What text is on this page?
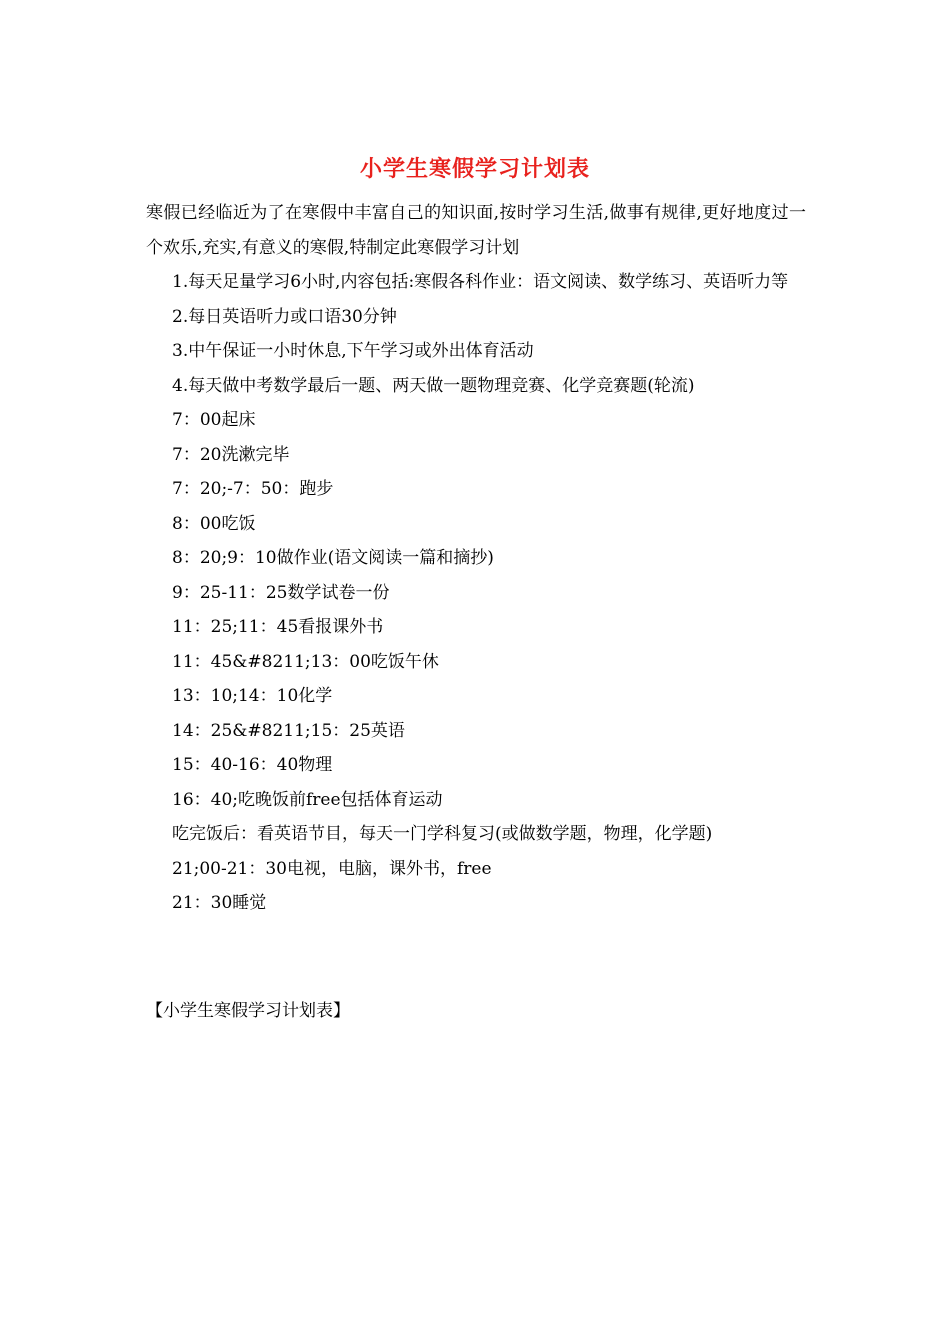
小学生寒假学习计划表

寒假已经临近为了在寒假中丰富自己的知识面,按时学习生活,做事有规律,更好地度过一个欢乐,充实,有意义的寒假,特制定此寒假学习计划

1.每天足量学习6小时,内容包括:寒假各科作业：语文阅读、数学练习、英语听力等
2.每日英语听力或口语30分钟
3.中午保证一小时休息,下午学习或外出体育活动
4.每天做中考数学最后一题、两天做一题物理竞赛、化学竞赛题(轮流)
7：00起床
7：20洗漱完毕
7：20;-7：50：跑步
8：00吃饭
8：20;9：10做作业(语文阅读一篇和摘抄)
9：25-11：25数学试卷一份
11：25;11：45看报课外书
11：45&#8211;13：00吃饭午休
13：10;14：10化学
14：25&#8211;15：25英语
15：40-16：40物理
16：40;吃晚饭前free包括体育运动
吃完饭后：看英语节目，每天一门学科复习(或做数学题，物理，化学题)
21;00-21：30电视，电脑，课外书，free
21：30睡觉

【小学生寒假学习计划表】
